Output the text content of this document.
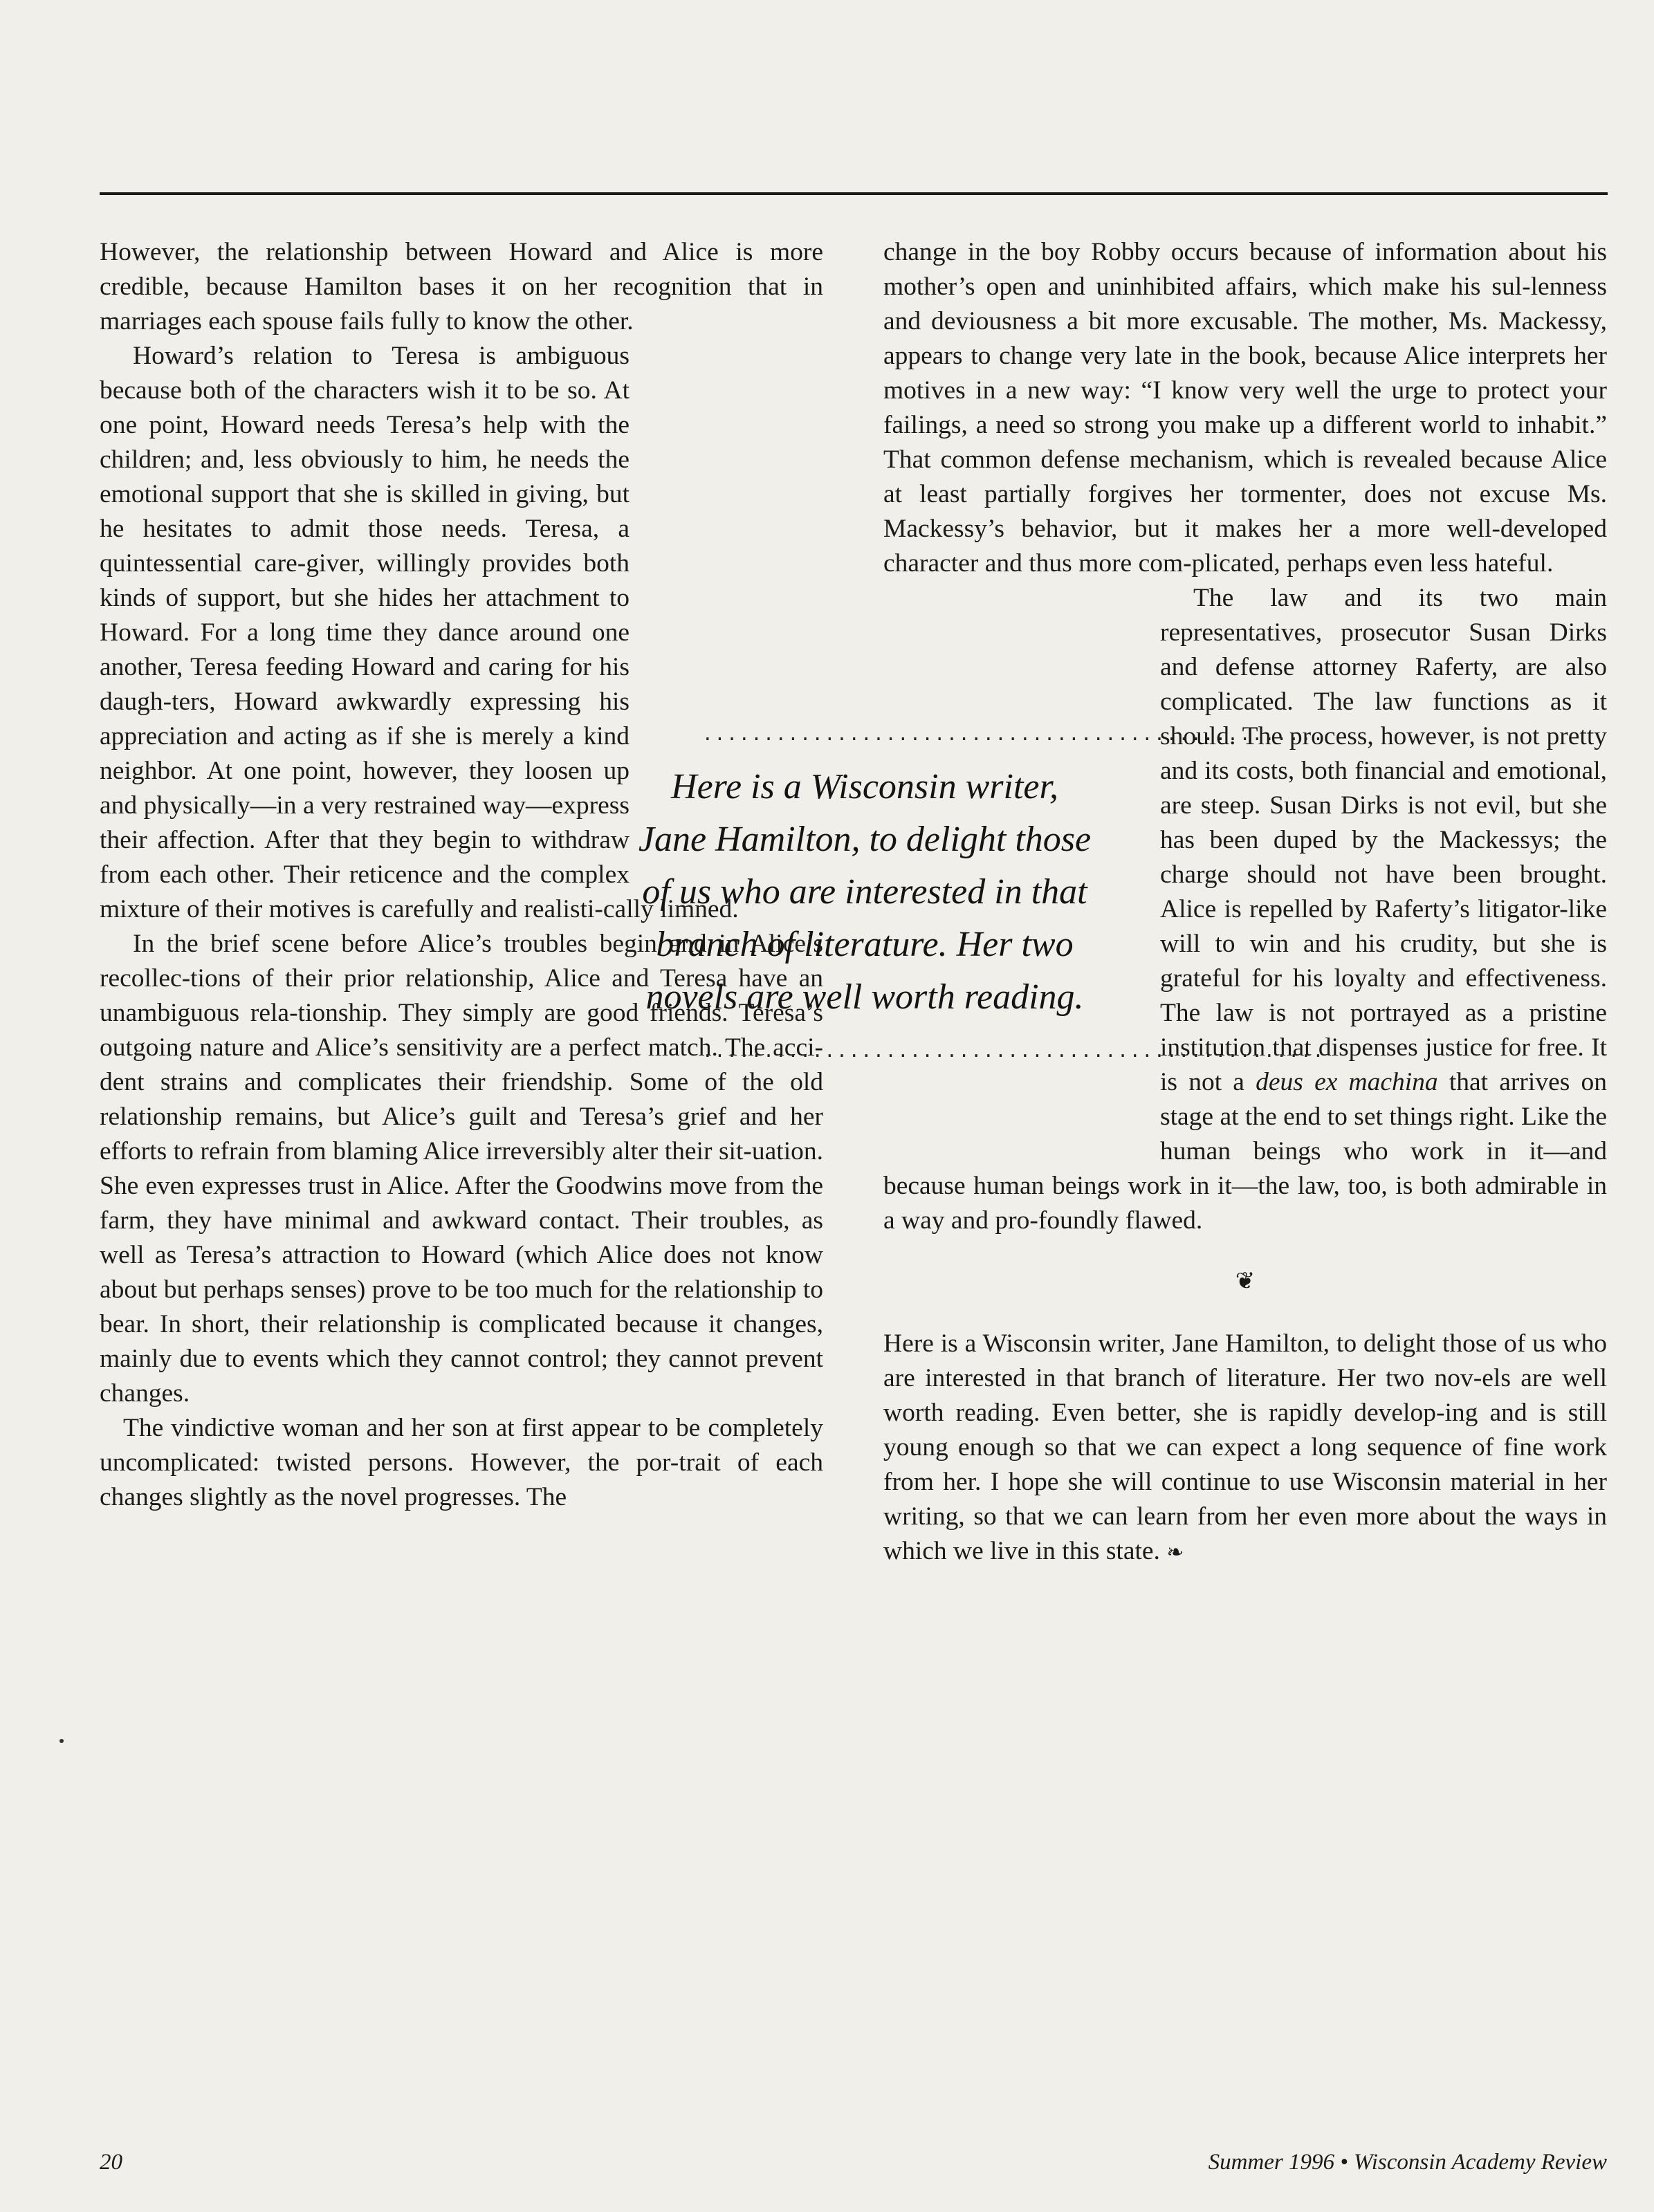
However, the relationship between Howard and Alice is more credible, because Hamilton bases it on her recognition that in marriages each spouse fails fully to know the other.

Howard’s relation to Teresa is ambiguous because both of the characters wish it to be so. At one point, Howard needs Teresa’s help with the children; and, less obviously to him, he needs the emotional support that she is skilled in giving, but he hesitates to admit those needs. Teresa, a quintessential care-giver, willingly provides both kinds of support, but she hides her attachment to Howard. For a long time they dance around one another, Teresa feeding Howard and caring for his daugh-ters, Howard awkwardly expressing his appreciation and acting as if she is merely a kind neighbor. At one point, however, they loosen up and physically—in a very restrained way—express their affection. After that they begin to withdraw from each other. Their reticence and the complex mixture of their motives is carefully and realisti-cally limned.

In the brief scene before Alice’s troubles begin and in Alice’s recollec-tions of their prior relationship, Alice and Teresa have an unambiguous rela-tionship. They simply are good friends. Teresa’s outgoing nature and Alice’s sensitivity are a perfect match. The acci-dent strains and complicates their friendship. Some of the old relationship remains, but Alice’s guilt and Teresa’s grief and her efforts to refrain from blaming Alice irreversibly alter their sit-uation. She even expresses trust in Alice. After the Goodwins move from the farm, they have minimal and awkward contact. Their troubles, as well as Teresa’s attraction to Howard (which Alice does not know about but perhaps senses) prove to be too much for the relationship to bear. In short, their relationship is complicated because it changes, mainly due to events which they cannot control; they cannot prevent changes.

The vindictive woman and her son at first appear to be completely uncomplicated: twisted persons. However, the por-trait of each changes slightly as the novel progresses. The

change in the boy Robby occurs because of information about his mother’s open and uninhibited affairs, which make his sul-lenness and deviousness a bit more excusable. The mother, Ms. Mackessy, appears to change very late in the book, because Alice interprets her motives in a new way: “I know very well the urge to protect your failings, a need so strong you make up a different world to inhabit.” That common defense mechanism, which is revealed because Alice at least partially forgives her tormenter, does not excuse Ms. Mackessy’s behavior, but it makes her a more well-developed character and thus more com-plicated, perhaps even less hateful.

The law and its two main representatives, prosecutor Susan Dirks and defense attorney Raferty, are also complicated. The law functions as it should. The process, however, is not pretty and its costs, both financial and emotional, are steep. Susan Dirks is not evil, but she has been duped by the Mackessys; the charge should not have been brought. Alice is repelled by Raferty’s litigator-like will to win and his crudity, but she is grateful for his loyalty and effectiveness. The law is not portrayed as a pristine institution that dispenses justice for free. It is not a deus ex machina that arrives on stage at the end to set things right. Like the human beings who work in it—and because human beings work in it—the law, too, is both admirable in a way and pro-foundly flawed.

❦

Here is a Wisconsin writer, Jane Hamilton, to delight those of us who are interested in that branch of literature. Her two nov-els are well worth reading. Even better, she is rapidly develop-ing and is still young enough so that we can expect a long sequence of fine work from her. I hope she will continue to use Wisconsin material in her writing, so that we can learn from her even more about the ways in which we live in this state. ❧

...................................................
Here is a Wisconsin writer,
Jane Hamilton, to delight those
of us who are interested in that
branch of literature. Her two
novels are well worth reading.
...................................................
20	Summer 1996 • Wisconsin Academy Review
